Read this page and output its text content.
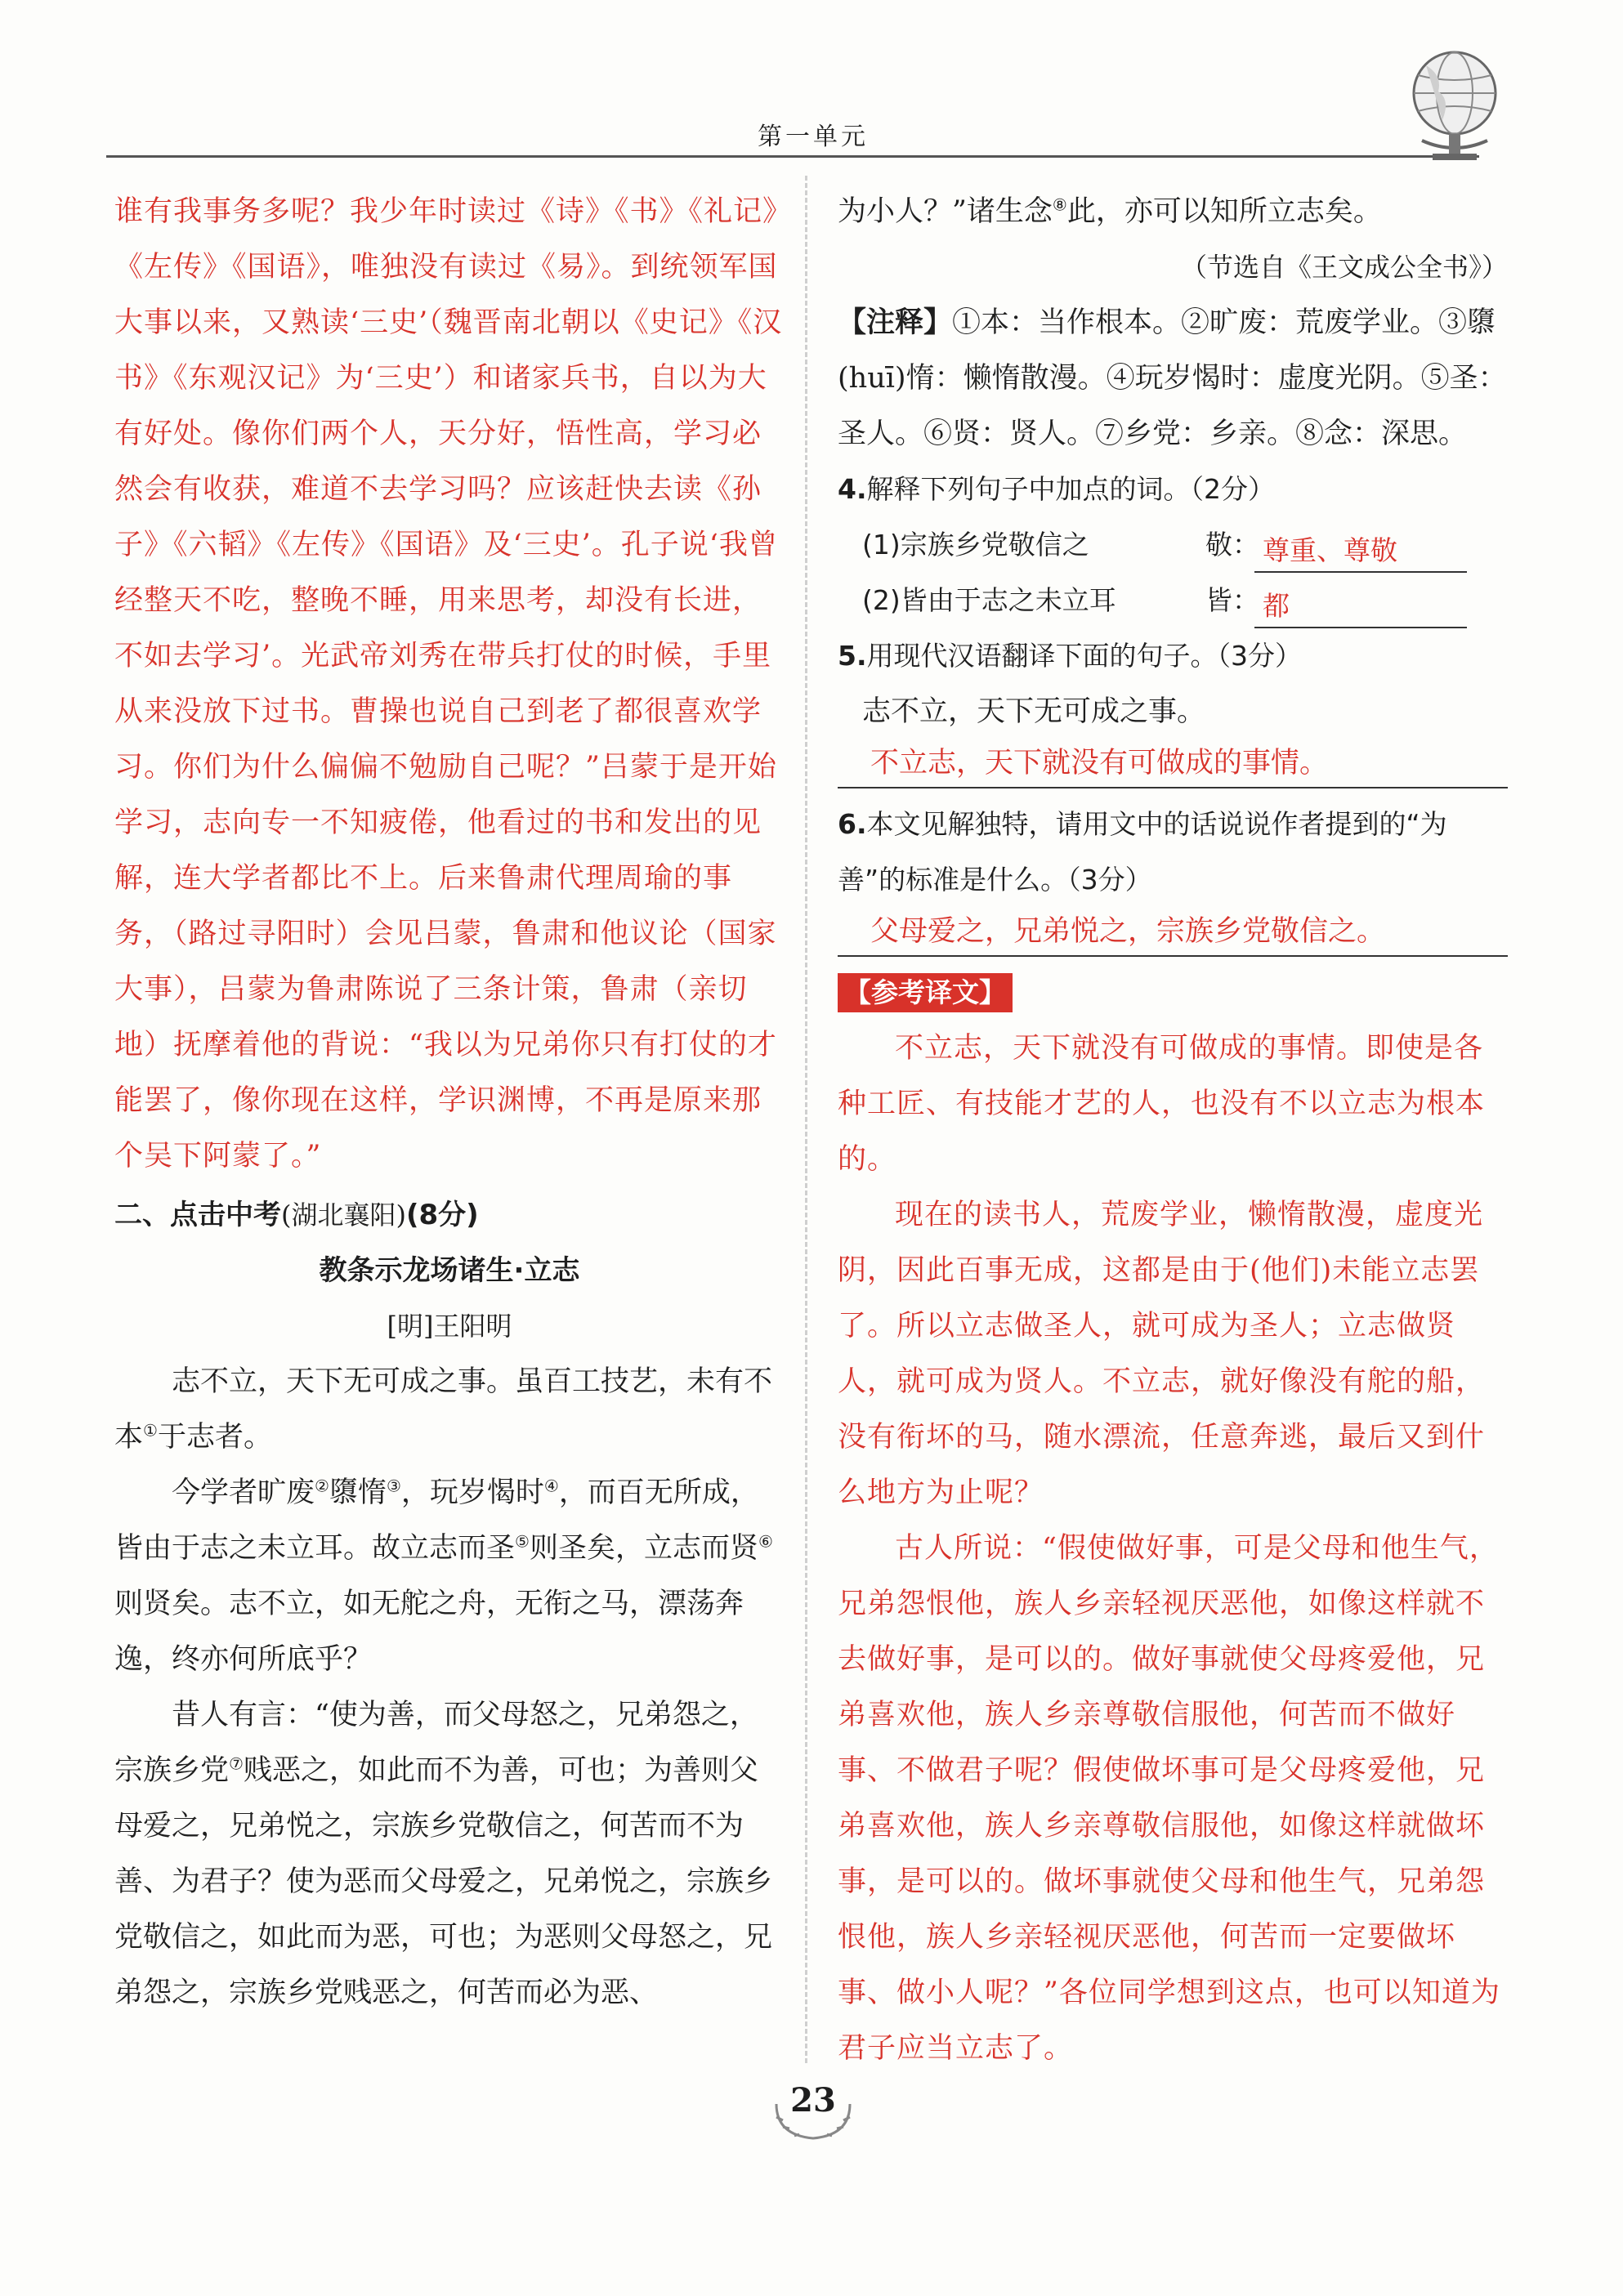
第一单元

谁有我事务多呢？我少年时读过《诗》《书》《礼记》《左传》《国语》，唯独没有读过《易》。到统领军国大事以来，又熟读‘三史’（魏晋南北朝以《史记》《汉书》《东观汉记》为‘三史’）和诸家兵书，自以为大有好处。像你们两个人，天分好，悟性高，学习必然会有收获，难道不去学习吗？应该赶快去读《孙子》《六韬》《左传》《国语》及‘三史’。孔子说‘我曾经整天不吃，整晚不睡，用来思考，却没有长进，不如去学习’。光武帝刘秀在带兵打仗的时候，手里从来没放下过书。曹操也说自己到老了都很喜欢学习。你们为什么偏偏不勉励自己呢？”吕蒙于是开始学习，志向专一不知疲倦，他看过的书和发出的见解，连大学者都比不上。后来鲁肃代理周瑜的事务，（路过寻阳时）会见吕蒙，鲁肃和他议论（国家大事），吕蒙为鲁肃陈说了三条计策，鲁肃（亲切地）抚摩着他的背说：“我以为兄弟你只有打仗的才能罢了，像你现在这样，学识渊博，不再是原来那个吴下阿蒙了。”

二、点击中考(湖北襄阳)(8分)

教条示龙场诸生·立志

[明]王阳明

志不立，天下无可成之事。虽百工技艺，未有不本①于志者。

今学者旷废②隳惰③，玩岁愒时④，而百无所成，皆由于志之未立耳。故立志而圣⑤则圣矣，立志而贤⑥则贤矣。志不立，如无舵之舟，无衔之马，漂荡奔逸，终亦何所底乎？

昔人有言：“使为善，而父母怒之，兄弟怨之，宗族乡党⑦贱恶之，如此而不为善，可也；为善则父母爱之，兄弟悦之，宗族乡党敬信之，何苦而不为善、为君子？使为恶而父母爱之，兄弟悦之，宗族乡党敬信之，如此而为恶，可也；为恶则父母怒之，兄弟怨之，宗族乡党贱恶之，何苦而必为恶、

为小人？”诸生念⑧此，亦可以知所立志矣。

（节选自《王文成公全书》）

【注释】①本：当作根本。②旷废：荒废学业。③隳(huī)惰：懒惰散漫。④玩岁愒时：虚度光阴。⑤圣：圣人。⑥贤：贤人。⑦乡党：乡亲。⑧念：深思。

4.解释下列句子中加点的词。（2分）

(1)宗族乡党敬信之	敬： 尊重、尊敬
(2)皆由于志之未立耳	皆： 都

5.用现代汉语翻译下面的句子。（3分）

志不立，天下无可成之事。

不立志，天下就没有可做成的事情。

6.本文见解独特，请用文中的话说说作者提到的“为善”的标准是什么。（3分）

父母爱之，兄弟悦之，宗族乡党敬信之。

【参考译文】

不立志，天下就没有可做成的事情。即使是各种工匠、有技能才艺的人，也没有不以立志为根本的。

现在的读书人，荒废学业，懒惰散漫，虚度光阴，因此百事无成，这都是由于(他们)未能立志罢了。所以立志做圣人，就可成为圣人；立志做贤人，就可成为贤人。不立志，就好像没有舵的船，没有衔坏的马，随水漂流，任意奔逃，最后又到什么地方为止呢？

古人所说：“假使做好事，可是父母和他生气，兄弟怨恨他，族人乡亲轻视厌恶他，如像这样就不去做好事，是可以的。做好事就使父母疼爱他，兄弟喜欢他，族人乡亲尊敬信服他，何苦而不做好事、不做君子呢？假使做坏事可是父母疼爱他，兄弟喜欢他，族人乡亲尊敬信服他，如像这样就做坏事，是可以的。做坏事就使父母和他生气，兄弟怨恨他，族人乡亲轻视厌恶他，何苦而一定要做坏事、做小人呢？”各位同学想到这点，也可以知道为君子应当立志了。

23
